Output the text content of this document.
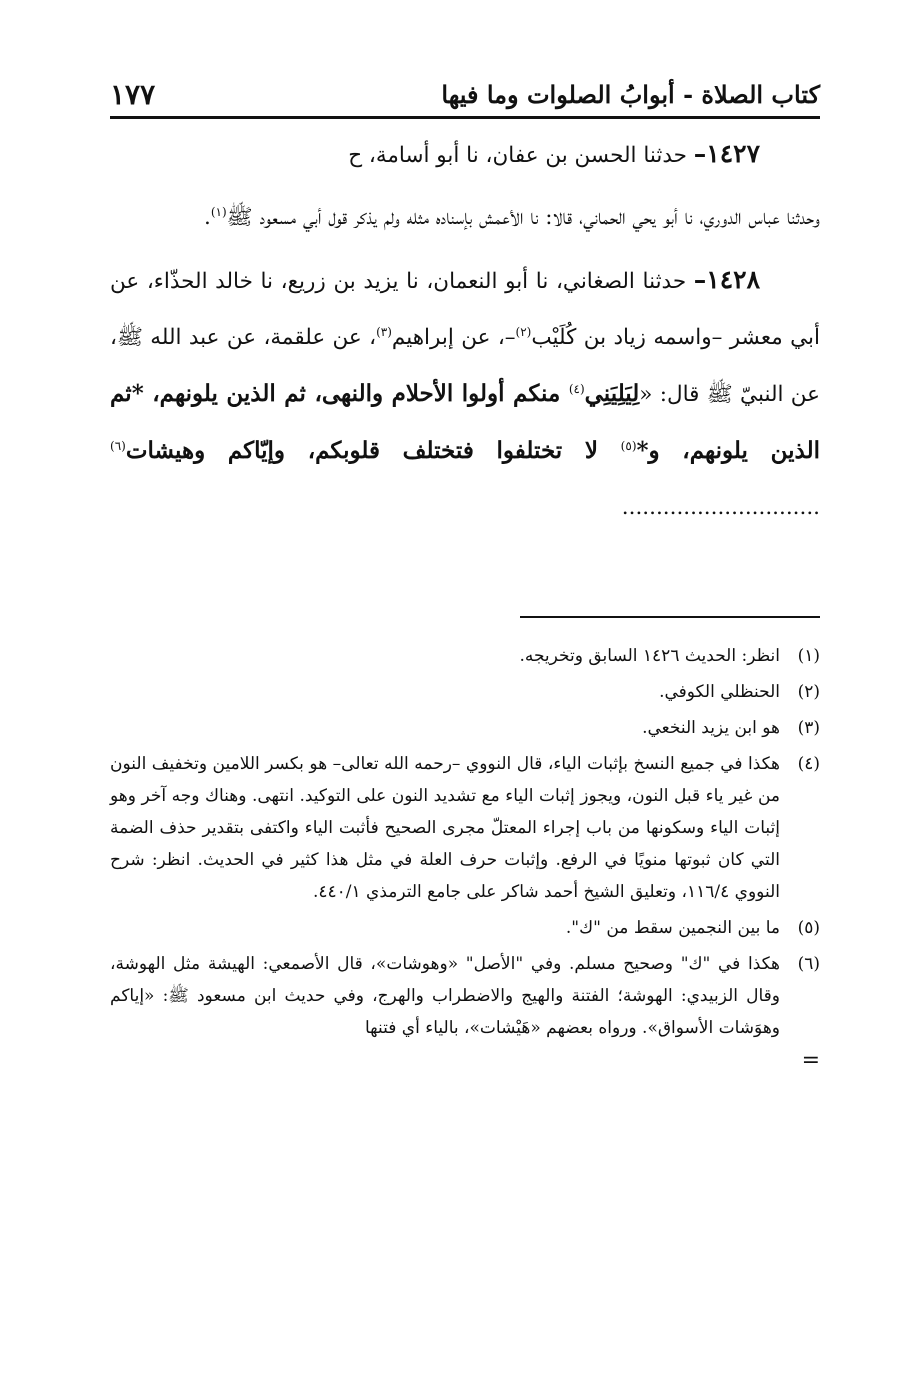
كتاب الصلاة - أبوابُ الصلوات وما فيها
١٧٧

١٤٢٧– حدثنا الحسن بن عفان، نا أبو أسامة، ح

وحدثنا عباس الدوري، نا أبو يحي الحماني، قالا: نا الأعمش بإسناده مثله ولم يذكر قول أبي مسعود ﷺ$^{(١)}$.

١٤٢٨– حدثنا الصغاني، نا أبو النعمان، نا يزيد بن زريع، نا خالد الحذّاء، عن أبي معشر –واسمه زياد بن كُلَيْب$^{(٢)}$–، عن إبراهيم$^{(٣)}$، عن علقمة، عن عبد الله ﷺ، عن النبيّ ﷺ قال: «لِيَلِيَنِي$^{(٤)}$ منكم أولوا الأحلام والنهى، ثم الذين يلونهم، *ثم الذين يلونهم، و*$^{(٥)}$ لا تختلفوا فتختلف قلوبكم، وإيّاكم وهيشات$^{(٦)}$ .............................

(١)
انظر: الحديث ١٤٢٦ السابق وتخريجه.
(٢)
الحنظلي الكوفي.
(٣)
هو ابن يزيد النخعي.
(٤)
هكذا في جميع النسخ بإثبات الياء، قال النووي –رحمه الله تعالى– هو بكسر اللامين وتخفيف النون من غير ياء قبل النون، ويجوز إثبات الياء مع تشديد النون على التوكيد. انتهى. وهناك وجه آخر وهو إثبات الياء وسكونها من باب إجراء المعتلّ مجرى الصحيح فأثبت الياء واكتفى بتقدير حذف الضمة التي كان ثبوتها منويًا في الرفع. وإثبات حرف العلة في مثل هذا كثير في الحديث. انظر: شرح النووي ١١٦/٤، وتعليق الشيخ أحمد شاكر على جامع الترمذي ٤٤٠/١.
(٥)
ما بين النجمين سقط من "ك".
(٦)
هكذا في "ك" وصحيح مسلم. وفي "الأصل" «وهوشات»، قال الأصمعي: الهيشة مثل الهوشة، وقال الزبيدي: الهوشة؛ الفتنة والهيج والاضطراب والهرج، وفي حديث ابن مسعود ﷺ: «إياكم وهوَشات الأسواق». ورواه بعضهم «هَيْشات»، بالياء أي فتنها
=
